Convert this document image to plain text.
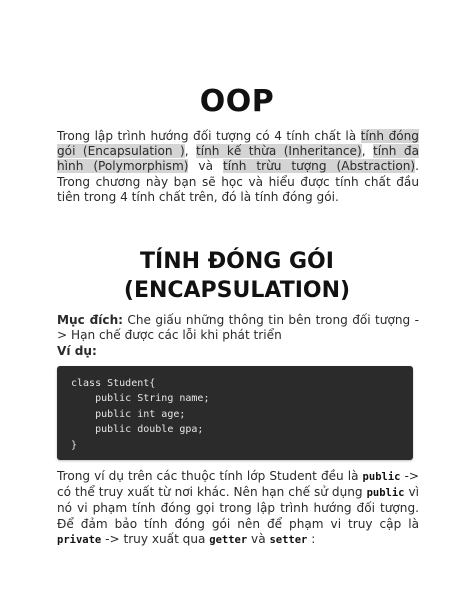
OOP
Trong lập trình hướng đối tượng có 4 tính chất là tính đóng gói (Encapsulation ), tính kế thừa (Inheritance), tính đa hình (Polymorphism) và tính trừu tượng (Abstraction). Trong chương này bạn sẽ học và hiểu được tính chất đầu tiên trong 4 tính chất trên, đó là tính đóng gói.
TÍNH ĐÓNG GÓI
(ENCAPSULATION)
Mục đích: Che giấu những thông tin bên trong đối tượng -> Hạn chế được các lỗi khi phát triển
Ví dụ:
class Student{
public String name;
public int age;
public double gpa;
}
Trong ví dụ trên các thuộc tính lớp Student đều là public -> có thể truy xuất từ nơi khác. Nên hạn chế sử dụng public vì nó vi phạm tính đóng gọi trong lập trình hướng đối tượng. Để đảm bảo tính đóng gói nên để phạm vi truy cập là private -> truy xuất qua getter và setter :
